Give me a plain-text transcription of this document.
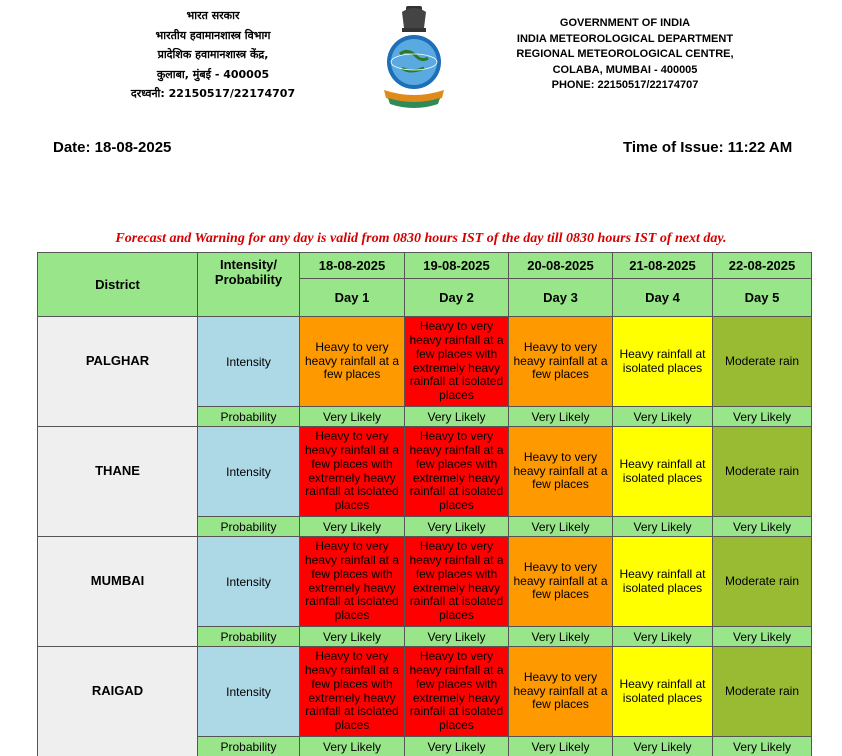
भारत सरकार
भारतीय हवामानशास्त्र विभाग
प्रादेशिक हवामानशास्त्र केंद्र,
कुलाबा, मुंबई - 400005
दरध्वनी: 22150517/22174707
GOVERNMENT OF INDIA
INDIA METEOROLOGICAL DEPARTMENT
REGIONAL METEOROLOGICAL CENTRE,
COLABA, MUMBAI - 400005
PHONE: 22150517/22174707
Date: 18-08-2025	Time of Issue: 11:22 AM
Forecast and Warning for any day is valid from 0830 hours IST of the day till 0830 hours IST of next day.
District	Intensity/ Probability	18-08-2025	19-08-2025	20-08-2025	21-08-2025	22-08-2025
		Day 1	Day 2	Day 3	Day 4	Day 5
PALGHAR	Intensity	Heavy to very heavy rainfall at a few places	Heavy to very heavy rainfall at a few places with extremely heavy rainfall at isolated places	Heavy to very heavy rainfall at a few places	Heavy rainfall at isolated places	Moderate rain
	Probability	Very Likely	Very Likely	Very Likely	Very Likely	Very Likely
THANE	Intensity	Heavy to very heavy rainfall at a few places with extremely heavy rainfall at isolated places	Heavy to very heavy rainfall at a few places with extremely heavy rainfall at isolated places	Heavy to very heavy rainfall at a few places	Heavy rainfall at isolated places	Moderate rain
	Probability	Very Likely	Very Likely	Very Likely	Very Likely	Very Likely
MUMBAI	Intensity	Heavy to very heavy rainfall at a few places with extremely heavy rainfall at isolated places	Heavy to very heavy rainfall at a few places with extremely heavy rainfall at isolated places	Heavy to very heavy rainfall at a few places	Heavy rainfall at isolated places	Moderate rain
	Probability	Very Likely	Very Likely	Very Likely	Very Likely	Very Likely
RAIGAD	Intensity	Heavy to very heavy rainfall at a few places with extremely heavy rainfall at isolated places	Heavy to very heavy rainfall at a few places with extremely heavy rainfall at isolated places	Heavy to very heavy rainfall at a few places	Heavy rainfall at isolated places	Moderate rain
	Probability	Very Likely	Very Likely	Very Likely	Very Likely	Very Likely
